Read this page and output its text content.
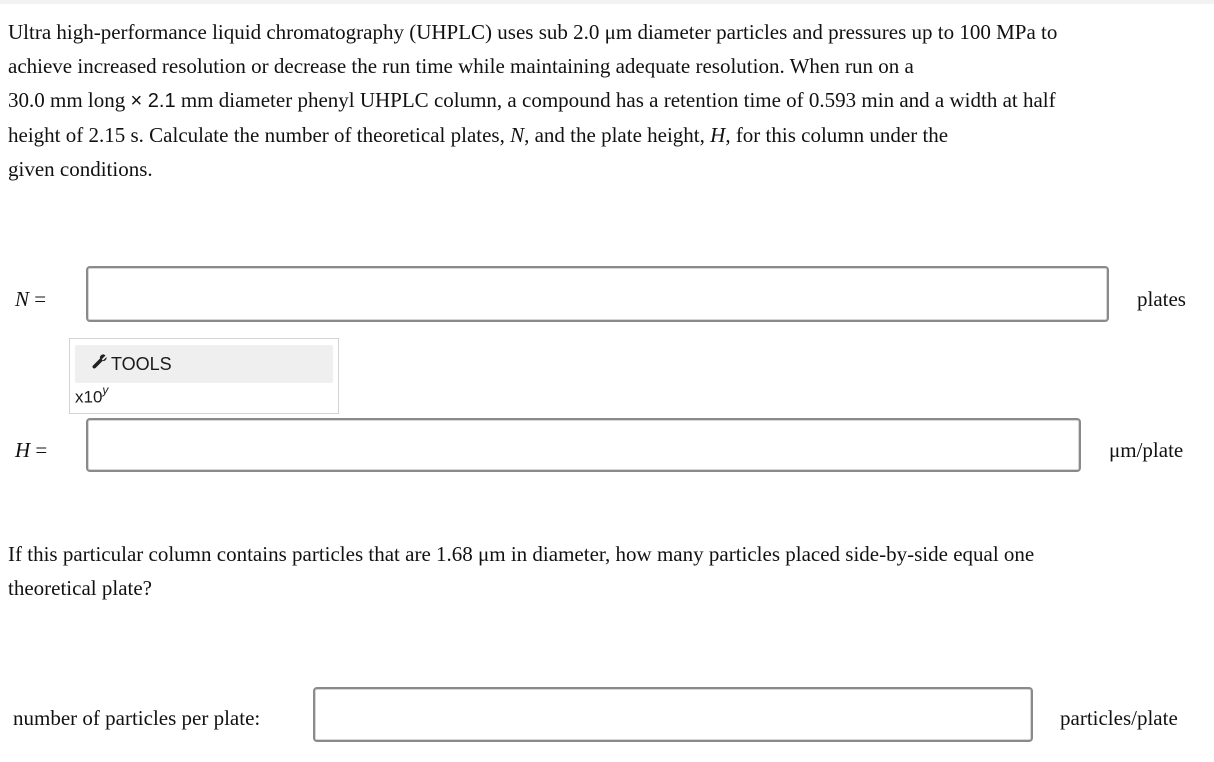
Ultra high-performance liquid chromatography (UHPLC) uses sub 2.0 μm diameter particles and pressures up to 100 MPa to
achieve increased resolution or decrease the run time while maintaining adequate resolution. When run on a
30.0 mm long × 2.1 mm diameter phenyl UHPLC column, a compound has a retention time of 0.593 min and a width at half
height of 2.15 s. Calculate the number of theoretical plates, N, and the plate height, H, for this column under the
given conditions.

N =	plates
TOOLS
x10$^y$
H =	μm/plate

If this particular column contains particles that are 1.68 μm in diameter, how many particles placed side-by-side equal one
theoretical plate?

number of particles per plate:	particles/plate
